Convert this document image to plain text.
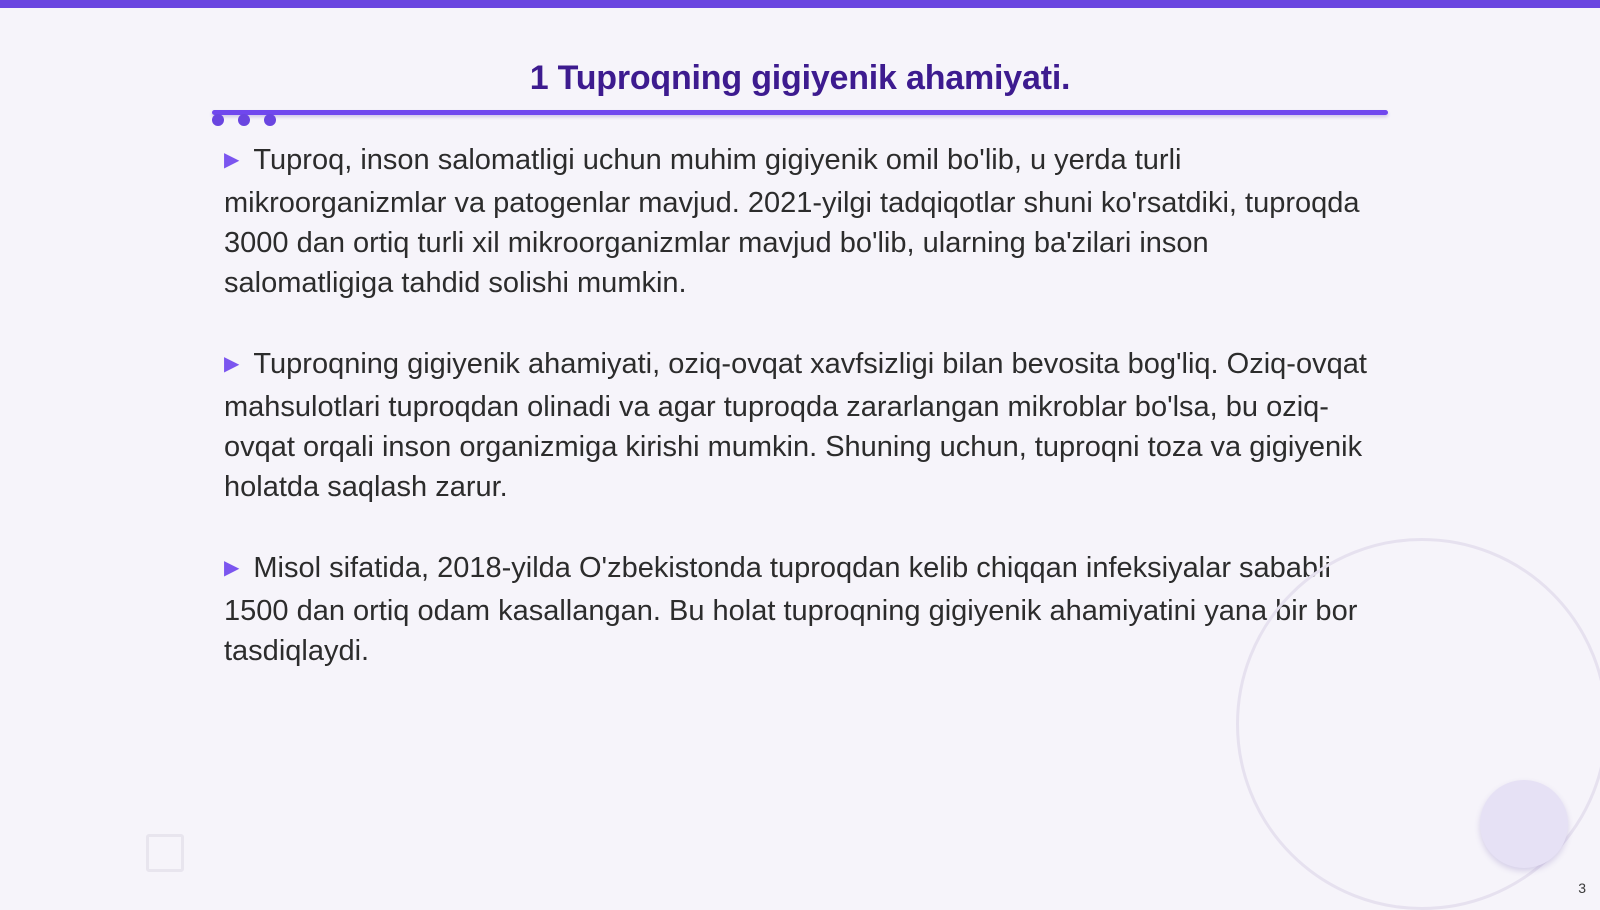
1 Tuproqning gigiyenik ahamiyati.

▶ Tuproq, inson salomatligi uchun muhim gigiyenik omil bo'lib, u yerda turli mikroorganizmlar va patogenlar mavjud. 2021-yilgi tadqiqotlar shuni ko'rsatdiki, tuproqda 3000 dan ortiq turli xil mikroorganizmlar mavjud bo'lib, ularning ba'zilari inson salomatligiga tahdid solishi mumkin.

▶ Tuproqning gigiyenik ahamiyati, oziq-ovqat xavfsizligi bilan bevosita bog'liq. Oziq-ovqat mahsulotlari tuproqdan olinadi va agar tuproqda zararlangan mikroblar bo'lsa, bu oziq-ovqat orqali inson organizmiga kirishi mumkin. Shuning uchun, tuproqni toza va gigiyenik holatda saqlash zarur.

▶ Misol sifatida, 2018-yilda O'zbekistonda tuproqdan kelib chiqqan infeksiyalar sababli 1500 dan ortiq odam kasallangan. Bu holat tuproqning gigiyenik ahamiyatini yana bir bor tasdiqlaydi.

3
